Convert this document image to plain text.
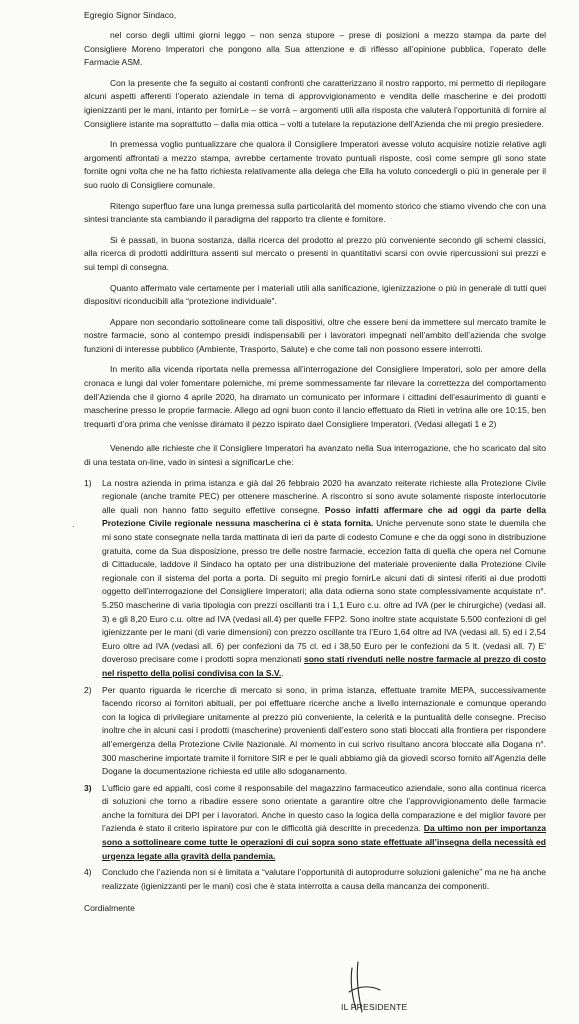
Egregio Signor Sindaco,
.

nel corso degli ultimi giorni leggo – non senza stupore – prese di posizioni a mezzo stampa da parte del Consigliere Moreno Imperatori che pongono alla Sua attenzione e di riflesso all’opinione pubblica, l’operato delle Farmacie ASM.

Con la presente che fa seguito ai costanti confronti che caratterizzano il nostro rapporto, mi permetto di riepilogare alcuni aspetti afferenti l’operato aziendale in tema di approvvigionamento e vendita delle mascherine e dei prodotti igienizzanti per le mani, intanto per fornirLe – se vorrà – argomenti utili alla risposta che valuterà l’opportunità di fornire al Consigliere istante ma soprattutto – dalla mia ottica – volti a tutelare la reputazione dell’Azienda che mi pregio presiedere.

In premessa voglio puntualizzare che qualora il Consigliere Imperatori avesse voluto acquisire notizie relative agli argomenti affrontati a mezzo stampa, avrebbe certamente trovato puntuali risposte, così come sempre gli sono state fornite ogni volta che ne ha fatto richiesta relativamente alla delega che Ella ha voluto concedergli o più in generale per il suo ruolo di Consigliere comunale.

Ritengo superfluo fare una lunga premessa sulla particolarità del momento storico che stiamo vivendo che con una sintesi tranciante sta cambiando il paradigma del rapporto tra cliente e fornitore.

Si è passati, in buona sostanza, dalla ricerca del prodotto al prezzo più conveniente secondo gli schemi classici, alla ricerca di prodotti addirittura assenti sul mercato o presenti in quantitativi scarsi con ovvie ripercussioni sui prezzi e sui tempi di consegna.

Quanto affermato vale certamente per i materiali utili alla sanificazione, igienizzazione o più in generale di tutti quei dispositivi riconducibili alla “protezione individuale”.

Appare non secondario sottolineare come tali dispositivi, oltre che essere beni da immettere sul mercato tramite le nostre farmacie, sono al contempo presidi indispensabili per i lavoratori impegnati nell’ambito dell’azienda che svolge funzioni di interesse pubblico (Ambiente, Trasporto, Salute) e che come tali non possono essere interrotti.

In merito alla vicenda riportata nella premessa all’interrogazione del Consigliere Imperatori, solo per amore della cronaca e lungi dal voler fomentare polemiche, mi preme sommessamente far rilevare la correttezza del comportamento dell’Azienda che il giorno 4 aprile 2020, ha diramato un comunicato per informare i cittadini dell’esaurimento di guanti e mascherine presso le proprie farmacie. Allego ad ogni buon conto il lancio effettuato da Rieti in vetrina alle ore 10:15, ben trequarti d’ora prima che venisse diramato il pezzo ispirato dael Consigliere Imperatori. (Vedasi allegati 1 e 2)

Venendo alle richieste che il Consigliere Imperatori ha avanzato nella Sua interrogazione, che ho scaricato dal sito di una testata on-line, vado in sintesi a significarLe che:

1) La nostra azienda in prima istanza e già dal 26 febbraio 2020 ha avanzato reiterate richieste alla Protezione Civile regionale (anche tramite PEC) per ottenere mascherine. A riscontro si sono avute solamente risposte interlocutorie alle quali non hanno fatto seguito effettive consegne. Posso infatti affermare che ad oggi da parte della Protezione Civile regionale nessuna mascherina ci è stata fornita. Uniche pervenute sono state le duemila che mi sono state consegnate nella tarda mattinata di ieri da parte di codesto Comune e che da oggi sono in distribuzione gratuita, come da Sua disposizione, presso tre delle nostre farmacie, eccezion fatta di quella che opera nel Comune di Cittaducale, laddove il Sindaco ha optato per una distribuzione del materiale proveniente dalla Protezione Civile regionale con il sistema del porta a porta. Di seguito mi pregio fornirLe alcuni dati di sintesi riferiti ai due prodotti oggetto dell’interrogazione del Consigliere Imperatori; alla data odierna sono state complessivamente acquistate n°. 5.250 mascherine di varia tipologia con prezzi oscillanti tra i 1,1 Euro c.u. oltre ad IVA (per le chirurgiche) (vedasi all. 3) e gli 8,20 Euro c.u. oltre ad IVA (vedasi all.4) per quelle FFP2. Sono inoltre state acquistate 5.500 confezioni di gel igienizzante per le mani (di varie dimensioni) con prezzo oscillante tra l’Euro 1,64 oltre ad IVA (vedasi all. 5) ed i 2,54 Euro oltre ad IVA (vedasi all. 6) per confezioni da 75 cl. ed i 38,50 Euro per le confezioni da 5 lt. (vedasi all. 7) E’ doveroso precisare come i prodotti sopra menzionati sono stati rivenduti nelle nostre farmacie al prezzo di costo nel rispetto della polisi condivisa con la S.V..
2) Per quanto riguarda le ricerche di mercato si sono, in prima istanza, effettuate tramite MEPA, successivamente facendo ricorso ai fornitori abituali, per poi effettuare ricerche anche a livello internazionale e comunque operando con la logica di privilegiare unitamente al prezzo più conveniente, la celerità e la puntualità delle consegne. Preciso inoltre che in alcuni casi i prodotti (mascherine) provenienti dall’estero sono stati bloccati alla frontiera per rispondere all’emergenza della Protezione Civile Nazionale. Al momento in cui scrivo risultano ancora bloccate alla Dogana n°. 300 mascherine importate tramite il fornitore SIR e per le quali abbiamo già da giovedì scorso fornito all’Agenzia delle Dogane la documentazione richiesta ed utile allo sdoganamento.
3) L’ufficio gare ed appalti, così come il responsabile del magazzino farmaceutico aziendale, sono alla continua ricerca di soluzioni che torno a ribadire essere sono orientate a garantire oltre che l’approvvigionamento delle farmacie anche la fornitura dei DPI per i lavoratori. Anche in questo caso la logica della comparazione e del miglior favore per l’azienda è stato il criterio ispiratore pur con le difficoltà già descritte in precedenza. Da ultimo non per importanza sono a sottolineare come tutte le operazioni di cui sopra sono state effettuate all’insegna della necessità ed urgenza legate alla gravità della pandemia.
4) Concludo che l’azienda non si è limitata a “valutare l’opportunità di autoprodurre soluzioni galeniche” ma ne ha anche realizzate (igienizzanti per le mani) così che è stata interrotta a causa della mancanza dei componenti.

Cordialmente

IL PRESIDENTE
